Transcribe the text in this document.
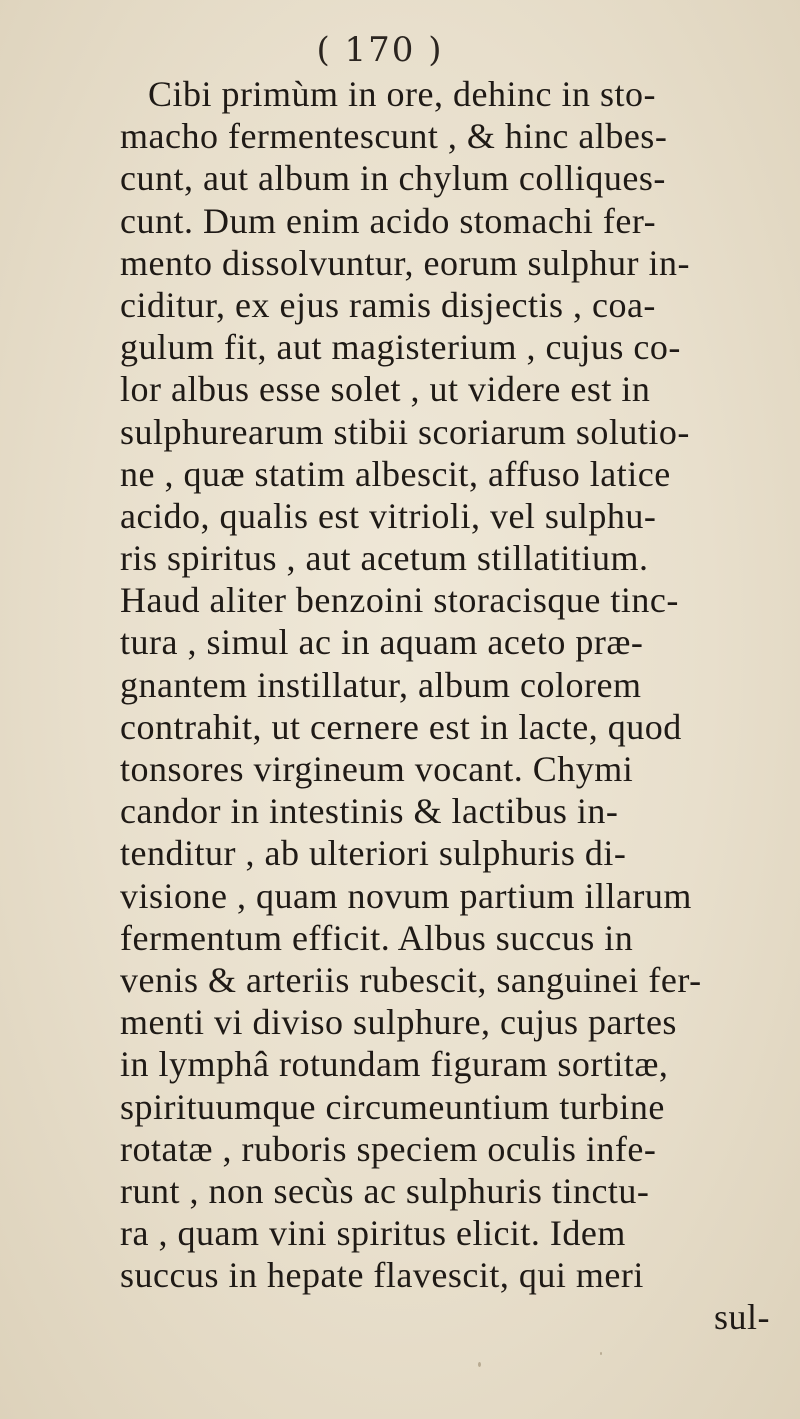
( 170 )
Cibi primùm in ore, dehinc in sto-
macho fermentescunt , & hinc albes-
cunt, aut album in chylum colliques-
cunt. Dum enim acido stomachi fer-
mento dissolvuntur, eorum sulphur in-
ciditur, ex ejus ramis disjectis , coa-
gulum fit, aut magisterium , cujus co-
lor albus esse solet , ut videre est in
sulphurearum stibii scoriarum solutio-
ne , quæ statim albescit, affuso latice
acido, qualis est vitrioli, vel sulphu-
ris spiritus , aut acetum stillatitium.
Haud aliter benzoini storacisque tinc-
tura , simul ac in aquam aceto præ-
gnantem instillatur, album colorem
contrahit, ut cernere est in lacte, quod
tonsores virgineum vocant. Chymi
candor in intestinis & lactibus in-
tenditur , ab ulteriori sulphuris di-
visione , quam novum partium illarum
fermentum efficit. Albus succus in
venis & arteriis rubescit, sanguinei fer-
menti vi diviso sulphure, cujus partes
in lymphâ rotundam figuram sortitæ,
spirituumque circumeuntium turbine
rotatæ , ruboris speciem oculis infe-
runt , non secùs ac sulphuris tinctu-
ra , quam vini spiritus elicit. Idem
succus in hepate flavescit, qui meri
sul-
